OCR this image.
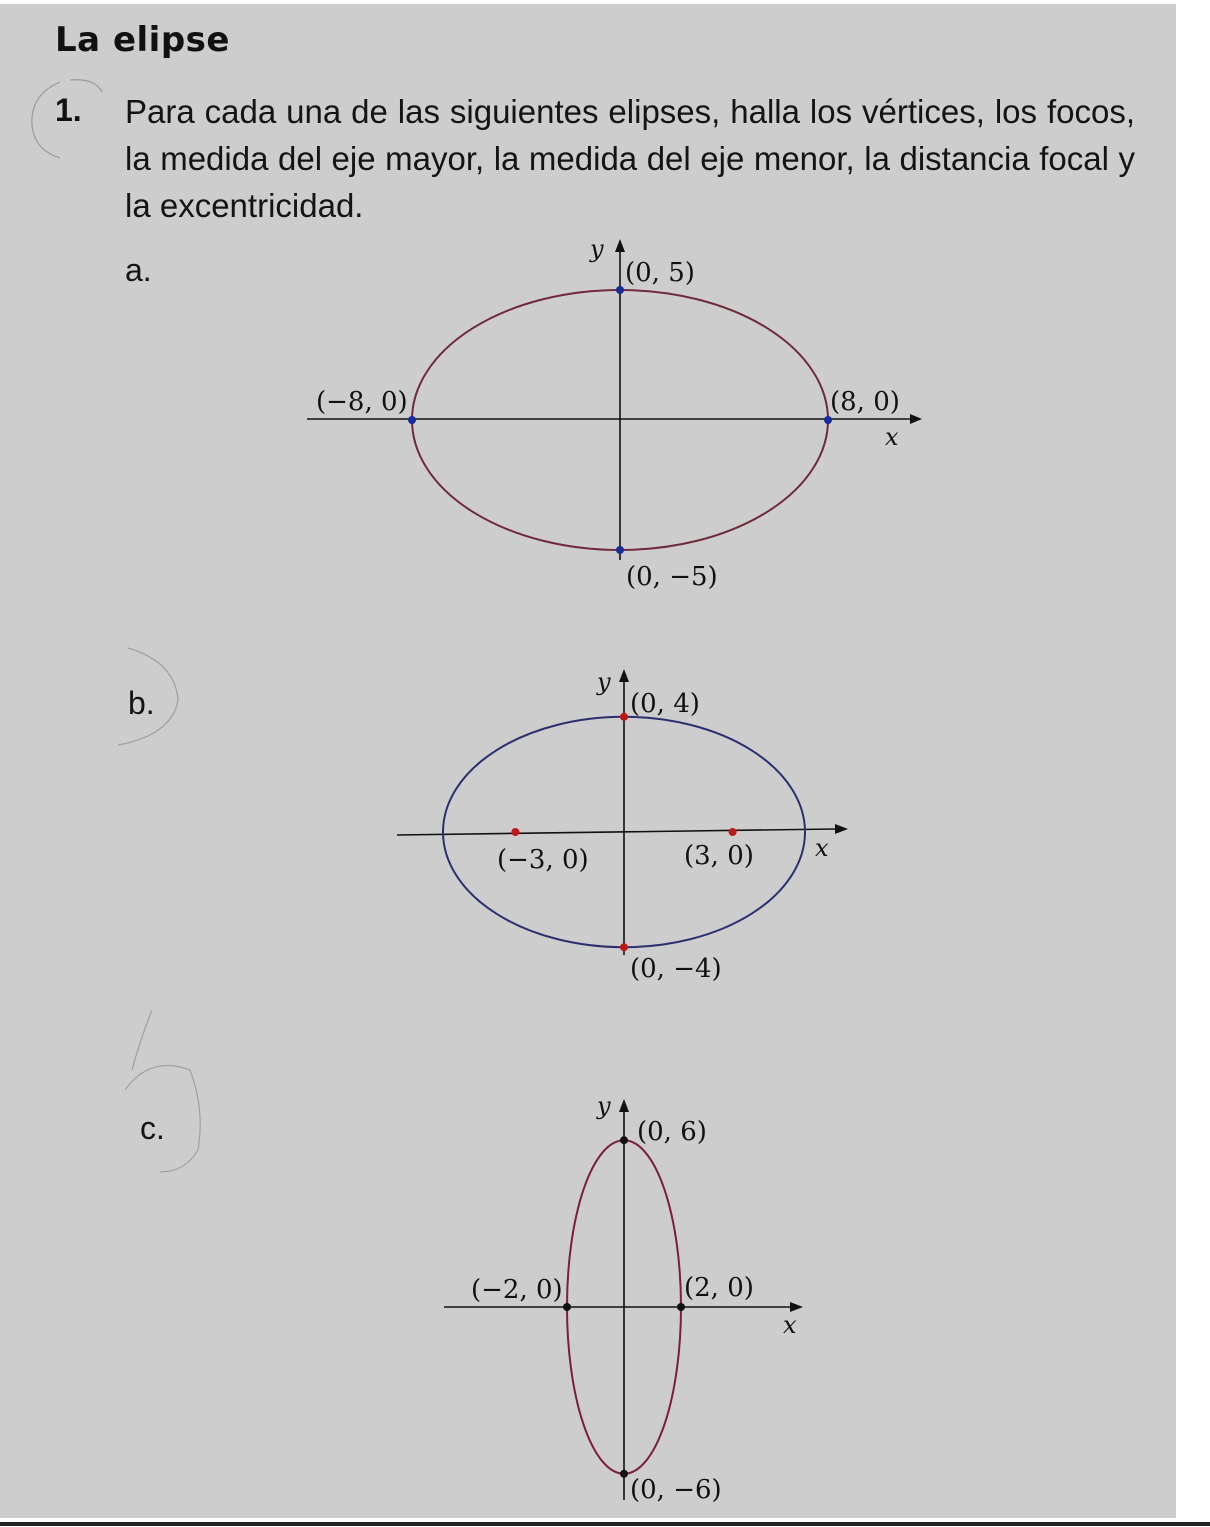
La elipse
1. Para cada una de las siguientes elipses, halla los vértices, los focos, la medida del eje mayor, la medida del eje menor, la distancia focal y la excentricidad.
a.
b.
c.
x
y
(0, 5)
(−8, 0)	(8, 0)
(0, −5)
x
y
(0, 4)
(−3, 0)	(3, 0)
(0, −4)
x
y
(0, 6)
(−2, 0)	(2, 0)
(0, −6)
